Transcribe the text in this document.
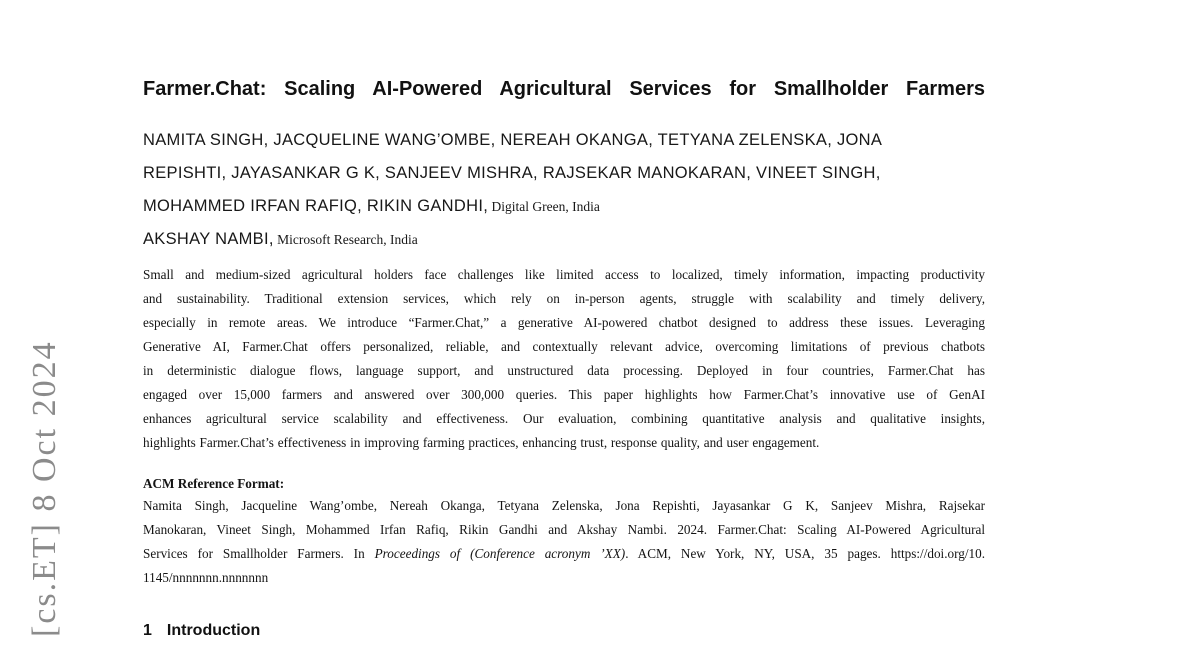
[cs.ET] 8 Oct 2024
Farmer.Chat: Scaling AI-Powered Agricultural Services for Smallholder Farmers
NAMITA SINGH, JACQUELINE WANG’OMBE, NEREAH OKANGA, TETYANA ZELENSKA, JONA
REPISHTI, JAYASANKAR G K, SANJEEV MISHRA, RAJSEKAR MANOKARAN, VINEET SINGH,
MOHAMMED IRFAN RAFIQ, RIKIN GANDHI, Digital Green, India
AKSHAY NAMBI, Microsoft Research, India
Small and medium-sized agricultural holders face challenges like limited access to localized, timely information, impacting productivity
and sustainability. Traditional extension services, which rely on in-person agents, struggle with scalability and timely delivery,
especially in remote areas. We introduce “Farmer.Chat,” a generative AI-powered chatbot designed to address these issues. Leveraging
Generative AI, Farmer.Chat offers personalized, reliable, and contextually relevant advice, overcoming limitations of previous chatbots
in deterministic dialogue flows, language support, and unstructured data processing. Deployed in four countries, Farmer.Chat has
engaged over 15,000 farmers and answered over 300,000 queries. This paper highlights how Farmer.Chat’s innovative use of GenAI
enhances agricultural service scalability and effectiveness. Our evaluation, combining quantitative analysis and qualitative insights,
highlights Farmer.Chat’s effectiveness in improving farming practices, enhancing trust, response quality, and user engagement.
ACM Reference Format:
Namita Singh, Jacqueline Wang’ombe, Nereah Okanga, Tetyana Zelenska, Jona Repishti, Jayasankar G K, Sanjeev Mishra, Rajsekar
Manokaran, Vineet Singh, Mohammed Irfan Rafiq, Rikin Gandhi and Akshay Nambi. 2024. Farmer.Chat: Scaling AI-Powered Agricultural
Services for Smallholder Farmers. In Proceedings of (Conference acronym ’XX). ACM, New York, NY, USA, 35 pages. https://doi.org/10.
1145/nnnnnnn.nnnnnnn
1 Introduction
